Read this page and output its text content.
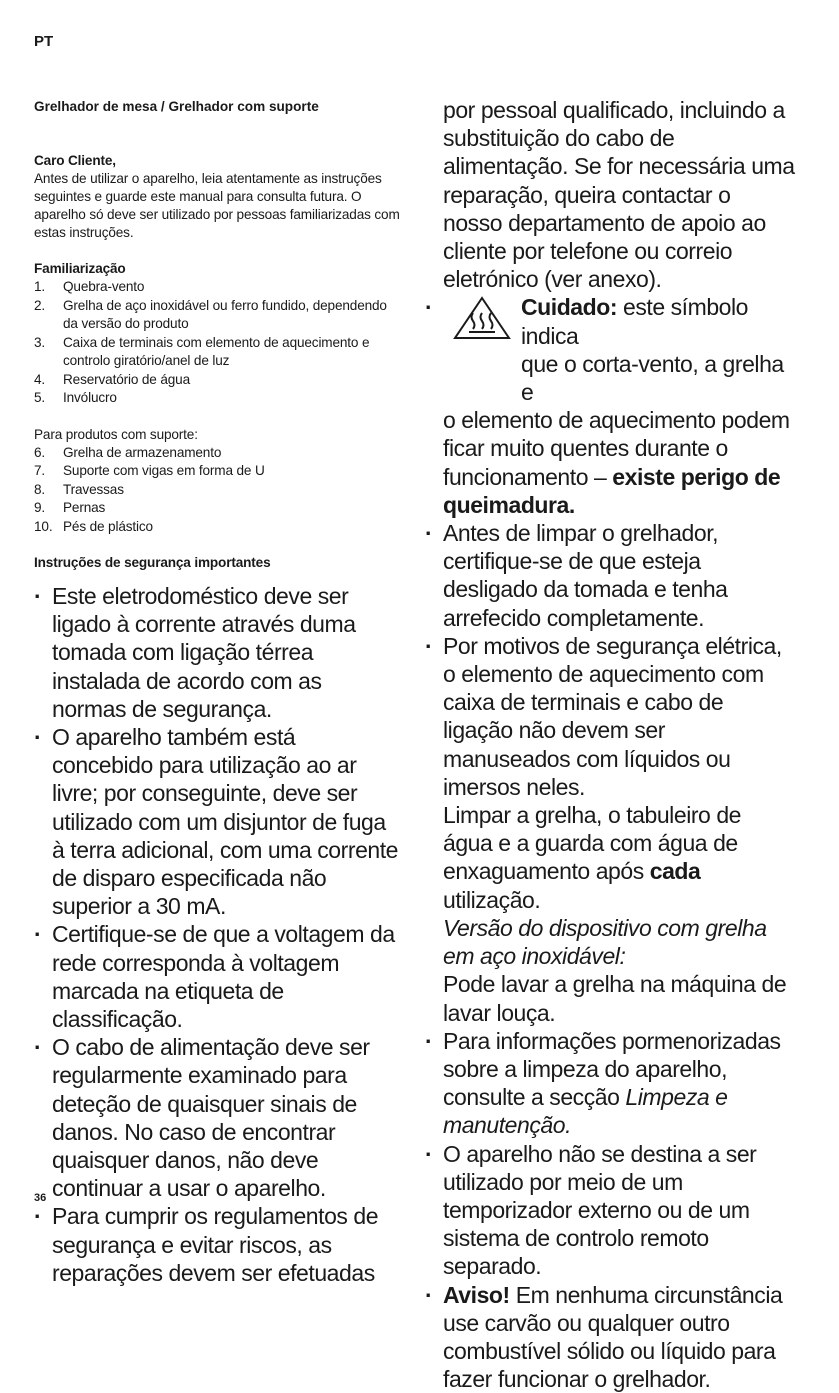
PT
Grelhador de mesa / Grelhador com suporte
Caro Cliente,
Antes de utilizar o aparelho, leia atentamente as instruções seguintes e guarde este manual para consulta futura. O aparelho só deve ser utilizado por pessoas familiarizadas com estas instruções.
Familiarização
1.	Quebra-vento
2.	Grelha de aço inoxidável ou ferro fundido, dependendo da versão do produto
3.	Caixa de terminais com elemento de aquecimento e controlo giratório/anel de luz
4.	Reservatório de água
5.	Invólucro
Para produtos com suporte:
6.	Grelha de armazenamento
7.	Suporte com vigas em forma de U
8.	Travessas
9.	Pernas
10. Pés de plástico
Instruções de segurança importantes
· Este eletrodoméstico deve ser ligado à corrente através duma tomada com ligação térrea instalada de acordo com as normas de segurança.
· O aparelho também está concebido para utilização ao ar livre; por conseguinte, deve ser utilizado com um disjuntor de fuga à terra adicional, com uma corrente de disparo especificada não superior a 30 mA.
· Certifique-se de que a voltagem da rede corresponda à voltagem marcada na etiqueta de classificação.
· O cabo de alimentação deve ser regularmente examinado para deteção de quaisquer sinais de danos. No caso de encontrar quaisquer danos, não deve continuar a usar o aparelho.
· Para cumprir os regulamentos de segurança e evitar riscos, as reparações devem ser efetuadas
por pessoal qualificado, incluindo a substituição do cabo de alimentação. Se for necessária uma reparação, queira contactar o nosso departamento de apoio ao cliente por telefone ou correio eletrónico (ver anexo).
· Cuidado: este símbolo indica
que o corta-vento, a grelha e
o elemento de aquecimento podem ficar muito quentes durante o funcionamento – existe perigo de queimadura.
· Antes de limpar o grelhador, certifique-se de que esteja desligado da tomada e tenha arrefecido completamente.
· Por motivos de segurança elétrica, o elemento de aquecimento com caixa de terminais e cabo de ligação não devem ser manuseados com líquidos ou imersos neles.
Limpar a grelha, o tabuleiro de água e a guarda com água de enxaguamento após cada utilização.
Versão do dispositivo com grelha em aço inoxidável:
Pode lavar a grelha na máquina de lavar louça.
· Para informações pormenorizadas sobre a limpeza do aparelho, consulte a secção Limpeza e manutenção.
· O aparelho não se destina a ser utilizado por meio de um temporizador externo ou de um sistema de controlo remoto separado.
· Aviso! Em nenhuma circunstância use carvão ou qualquer outro combustível sólido ou líquido para fazer funcionar o grelhador.
36
